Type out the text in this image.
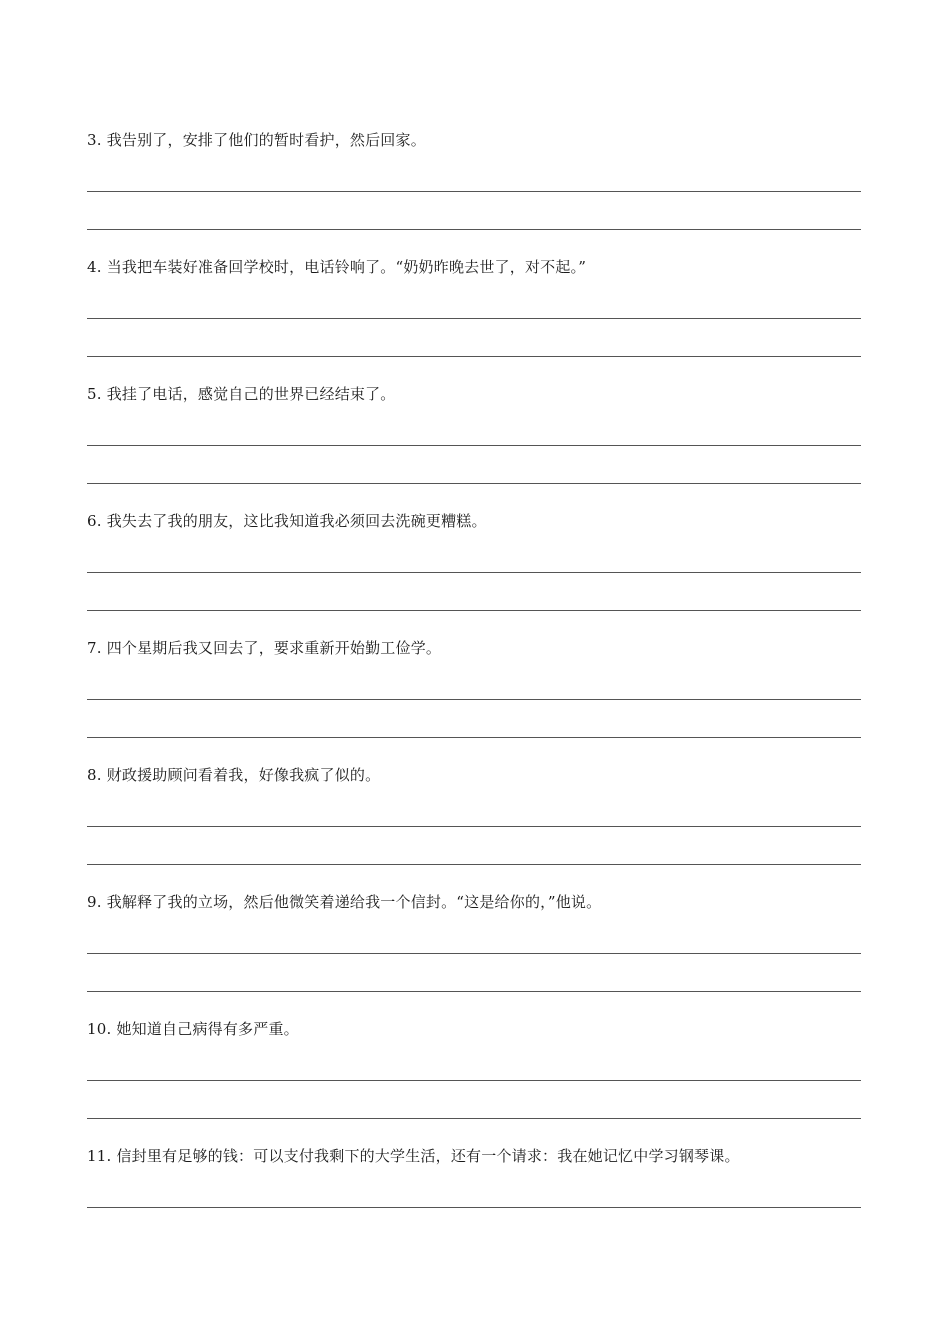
3. 我告别了，安排了他们的暂时看护，然后回家。
4. 当我把车装好准备回学校时，电话铃响了。“奶奶昨晚去世了，对不起。”
5. 我挂了电话，感觉自己的世界已经结束了。
6. 我失去了我的朋友，这比我知道我必须回去洗碗更糟糕。
7. 四个星期后我又回去了，要求重新开始勤工俭学。
8. 财政援助顾问看着我，好像我疯了似的。
9. 我解释了我的立场，然后他微笑着递给我一个信封。“这是给你的，”他说。
10. 她知道自己病得有多严重。
11. 信封里有足够的钱：可以支付我剩下的大学生活，还有一个请求：我在她记忆中学习钢琴课。
